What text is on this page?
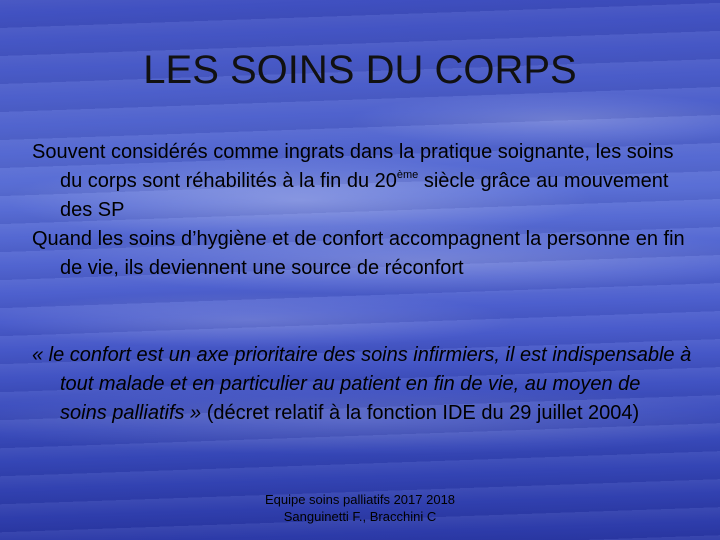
LES SOINS DU CORPS

Souvent considérés comme ingrats dans la pratique soignante, les soins du corps sont réhabilités à la fin du 20ème siècle grâce au mouvement des SP

Quand les soins d’hygiène et de confort accompagnent la personne en fin de vie, ils deviennent une source de réconfort

« le confort est un axe prioritaire des soins infirmiers, il est indispensable à tout malade et en particulier au patient en fin de vie, au moyen de soins palliatifs » (décret relatif à la fonction IDE du 29 juillet 2004)

Equipe soins palliatifs 2017 2018
Sanguinetti F., Bracchini C
